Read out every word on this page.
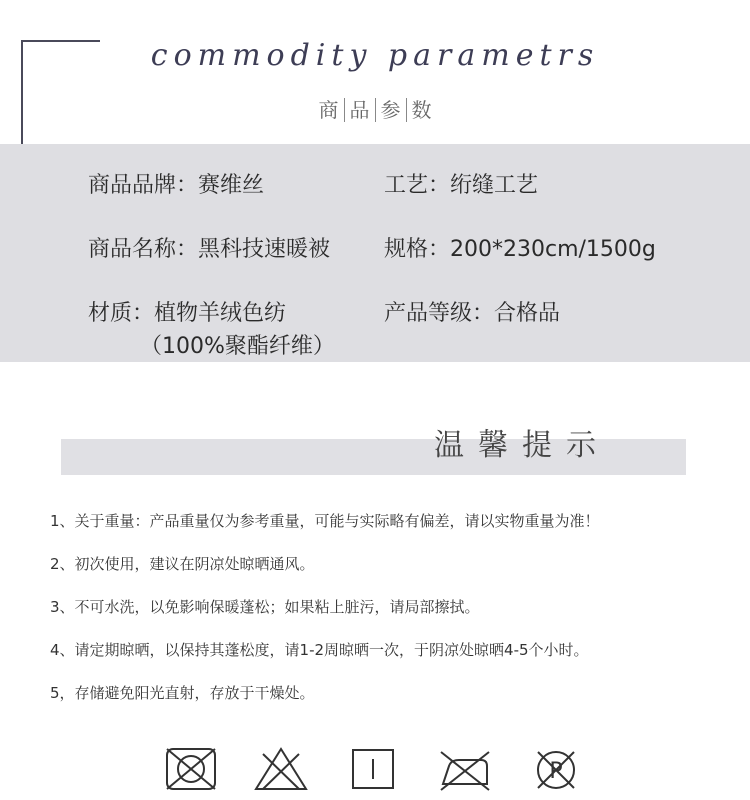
commodity parametrs
商 品 参 数
商品品牌：赛维丝	工艺：绗缝工艺
商品名称：黑科技速暖被 规格：200*230cm/1500g
材质：植物羊绒色纺
（100%聚酯纤维）
产品等级：合格品
温馨提示
1、关于重量：产品重量仅为参考重量，可能与实际略有偏差，请以实物重量为准！
2、初次使用，建议在阴凉处晾晒通风。
3、不可水洗，以免影响保暖蓬松；如果粘上脏污，请局部擦拭。
4、请定期晾晒，以保持其蓬松度，请1-2周晾晒一次，于阴凉处晾晒4-5个小时。
5，存储避免阳光直射，存放于干燥处。
P
